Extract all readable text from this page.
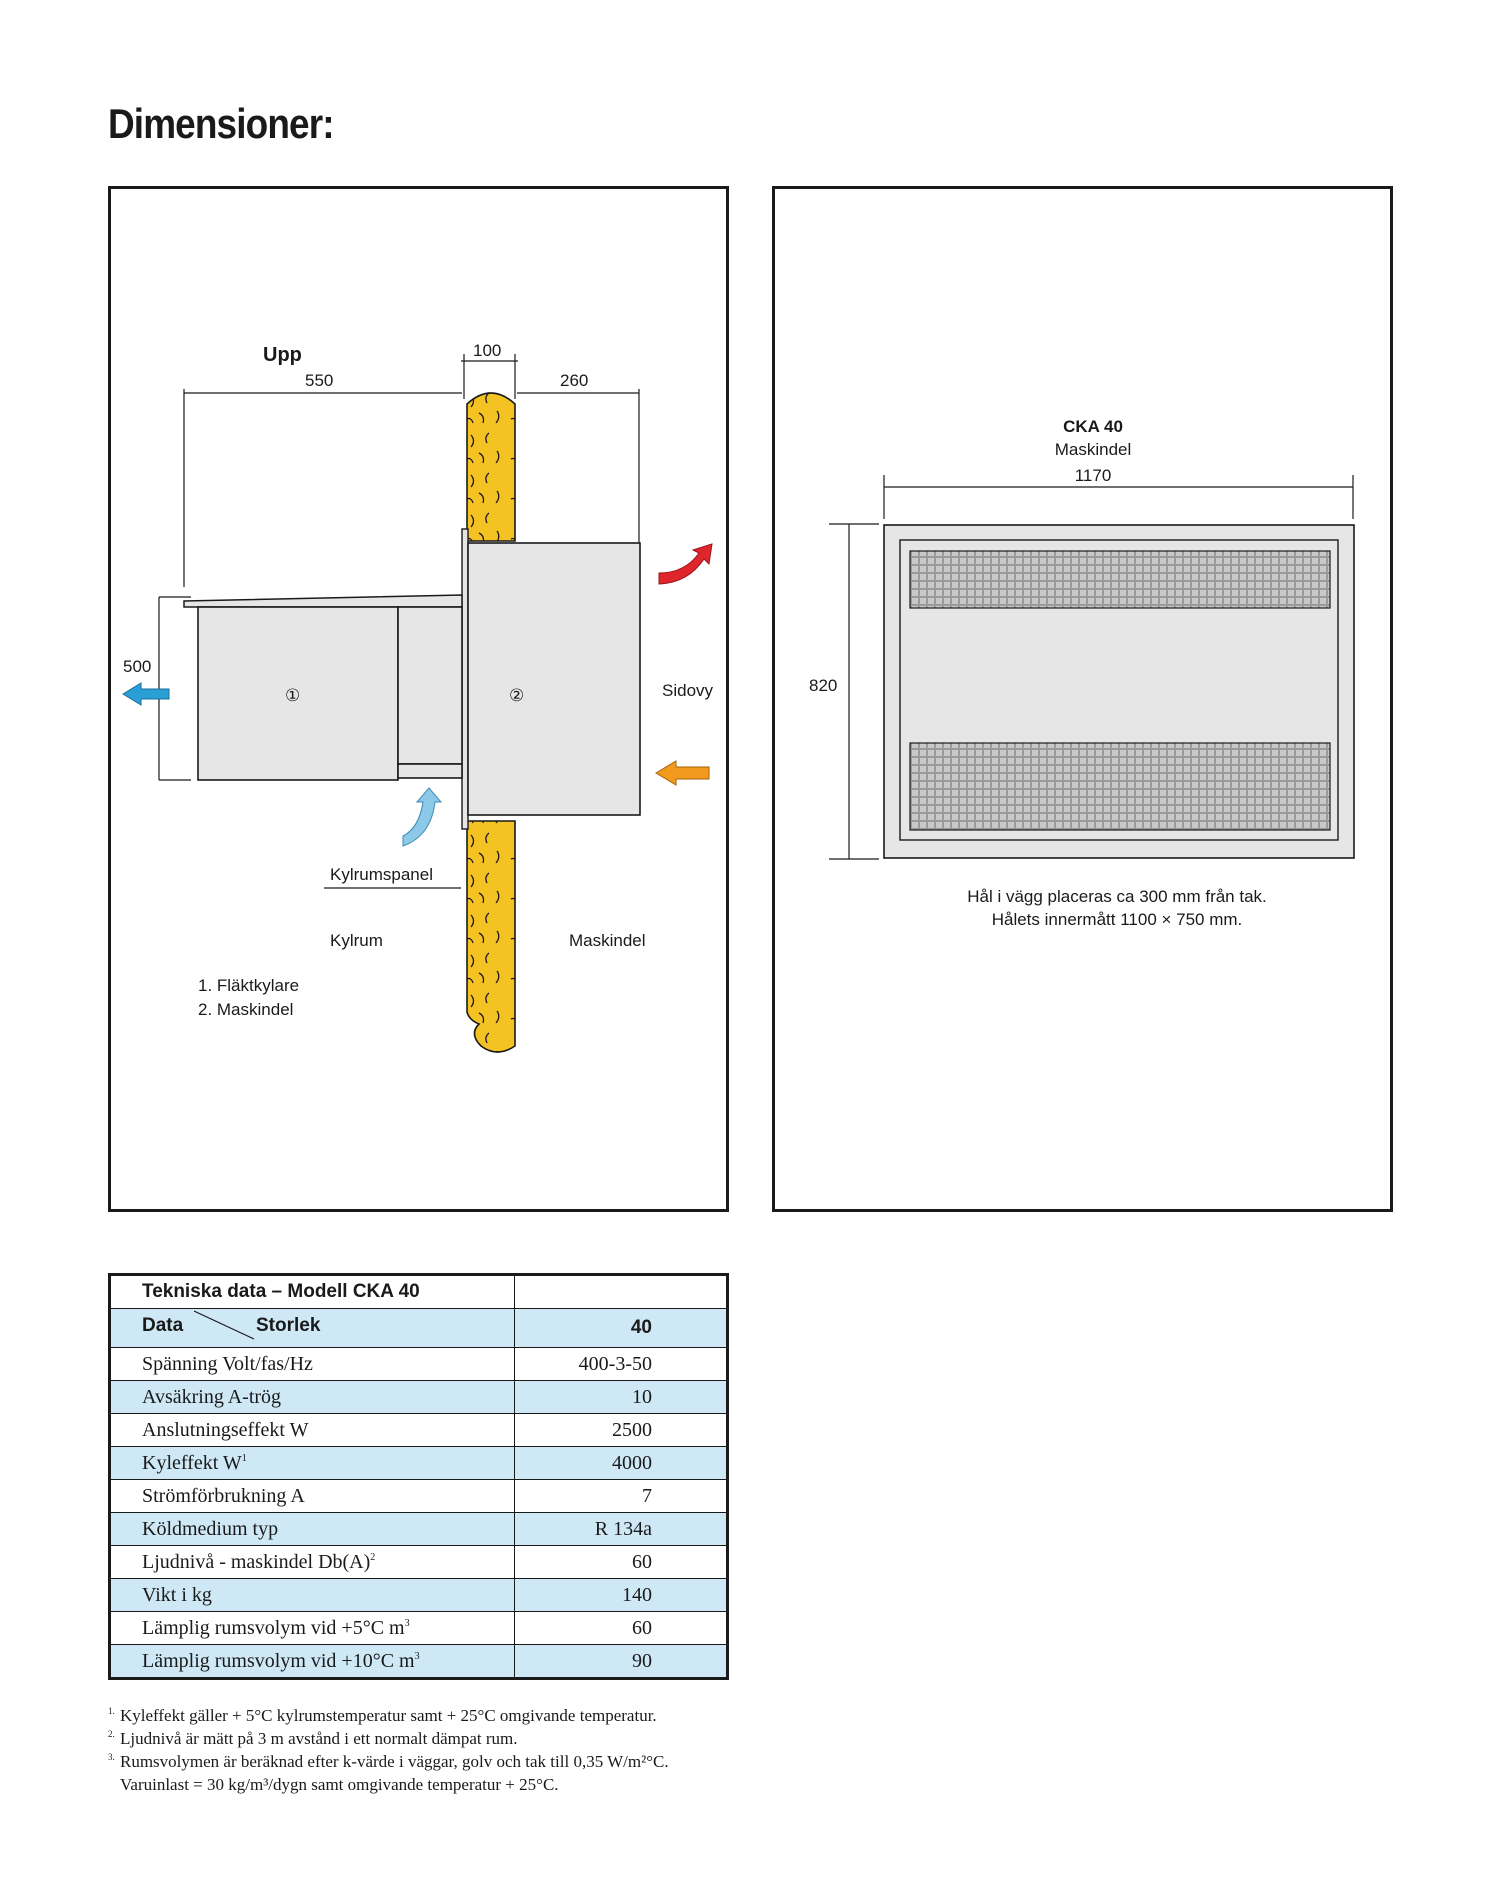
Dimensioner:
Upp	100
550	260
500
①	②	Sidovy
Kylrumspanel
Kylrum	Maskindel
1. Fläktkylare
2. Maskindel
CKA 40
Maskindel
1170
820
Hål i vägg placeras ca 300 mm från tak.
Hålets innermått 1100 × 750 mm.
Tekniska data – Modell CKA 40	

Data Storlek	40
Spänning Volt/fas/Hz	400-3-50
Avsäkring A-trög	10
Anslutningseffekt W	2500
Kyleffekt $W^1$	4000
Strömförbrukning A	7
Köldmedium typ	R 134a
Ljudnivå - maskindel $Db(A)^2$	60
Vikt i kg	140
Lämplig rumsvolym vid +5°C $m^3$	60
Lämplig rumsvolym vid +10°C $m^3$	90
1. Kyleffekt gäller + 5°C kylrumstemperatur samt + 25°C omgivande temperatur.
2. Ljudnivå är mätt på 3 m avstånd i ett normalt dämpat rum.
3. Rumsvolymen är beräknad efter k-värde i väggar, golv och tak till 0,35 W/m²°C.
Varuinlast = 30 kg/m³/dygn samt omgivande temperatur + 25°C.
